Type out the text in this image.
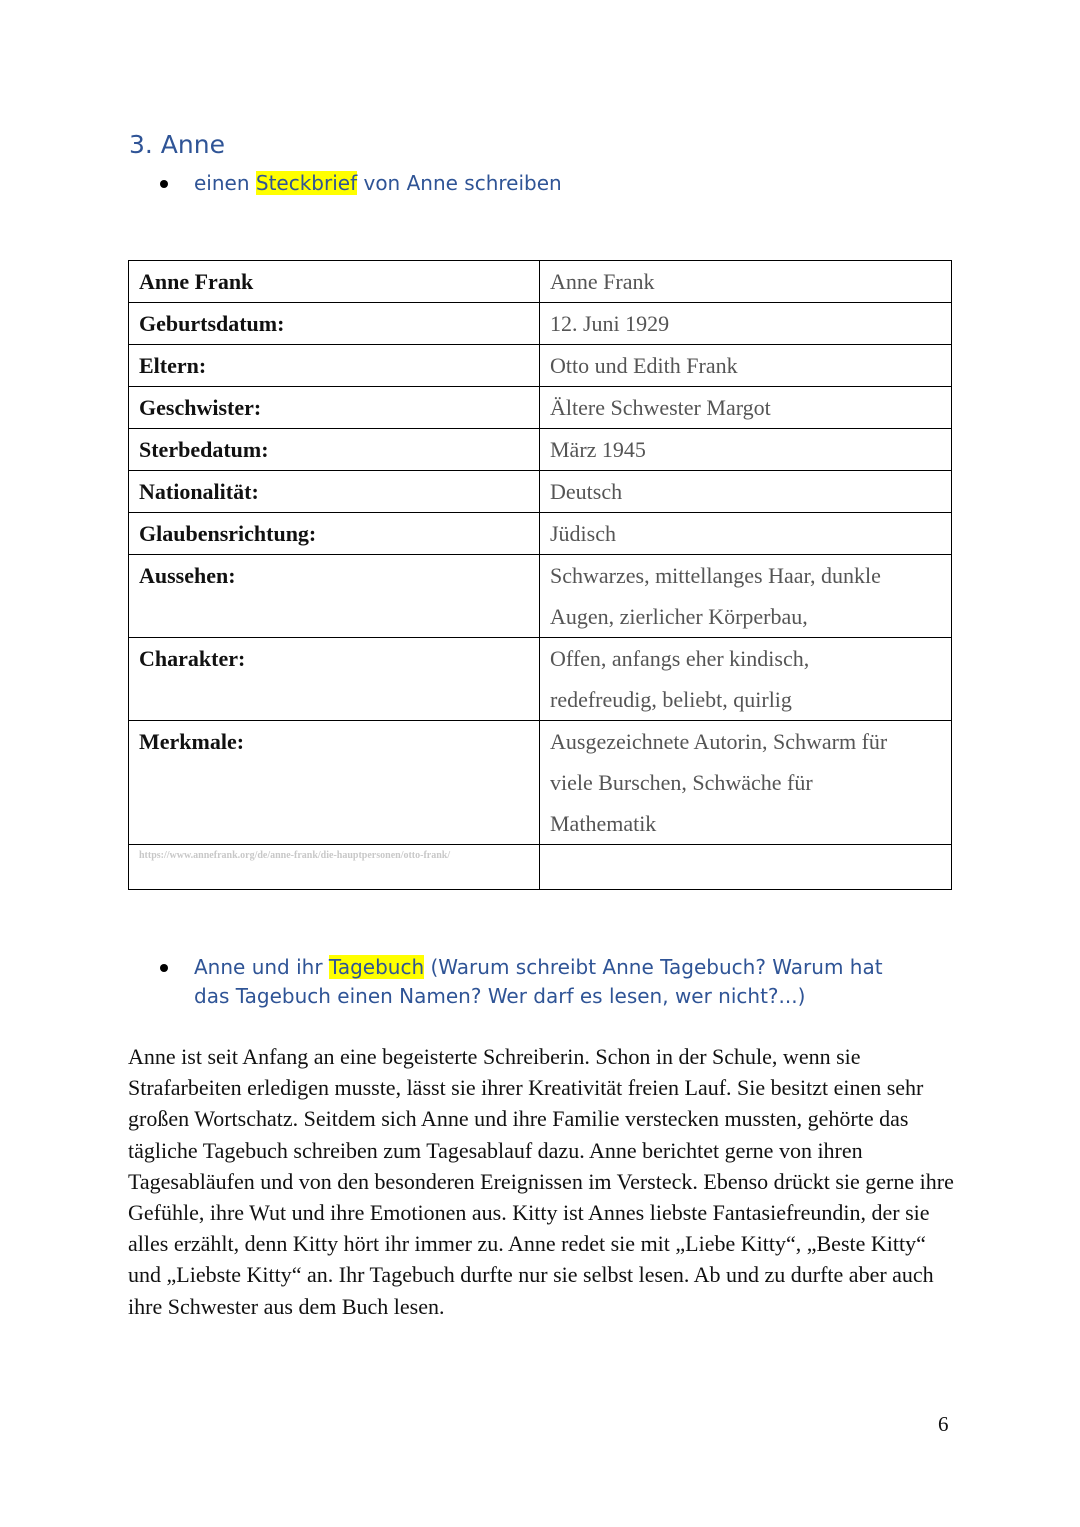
3. Anne
einen Steckbrief von Anne schreiben
Anne Frank	Anne Frank

Geburtsdatum:	12. Juni 1929

Eltern:	Otto und Edith Frank

Geschwister:	Ältere Schwester Margot

Sterbedatum:	März 1945

Nationalität:	Deutsch

Glaubensrichtung:	Jüdisch

Aussehen:	Schwarzes, mittellanges Haar, dunkle
Augen, zierlicher Körperbau,

Charakter:	Offen, anfangs eher kindisch,
redefreudig, beliebt, quirlig

Merkmale:	Ausgezeichnete Autorin, Schwarm für
viele Burschen, Schwäche für
Mathematik

https://www.annefrank.org/de/anne-frank/die-hauptpersonen/otto-frank/	

Anne und ihr Tagebuch (Warum schreibt Anne Tagebuch? Warum hat das Tagebuch einen Namen? Wer darf es lesen, wer nicht?...)

Anne ist seit Anfang an eine begeisterte Schreiberin. Schon in der Schule, wenn sie Strafarbeiten erledigen musste, lässt sie ihrer Kreativität freien Lauf. Sie besitzt einen sehr großen Wortschatz. Seitdem sich Anne und ihre Familie verstecken mussten, gehörte das tägliche Tagebuch schreiben zum Tagesablauf dazu. Anne berichtet gerne von ihren Tagesabläufen und von den besonderen Ereignissen im Versteck. Ebenso drückt sie gerne ihre Gefühle, ihre Wut und ihre Emotionen aus. Kitty ist Annes liebste Fantasiefreundin, der sie alles erzählt, denn Kitty hört ihr immer zu. Anne redet sie mit „Liebe Kitty“, „Beste Kitty“ und „Liebste Kitty“ an. Ihr Tagebuch durfte nur sie selbst lesen. Ab und zu durfte aber auch ihre Schwester aus dem Buch lesen.

6
